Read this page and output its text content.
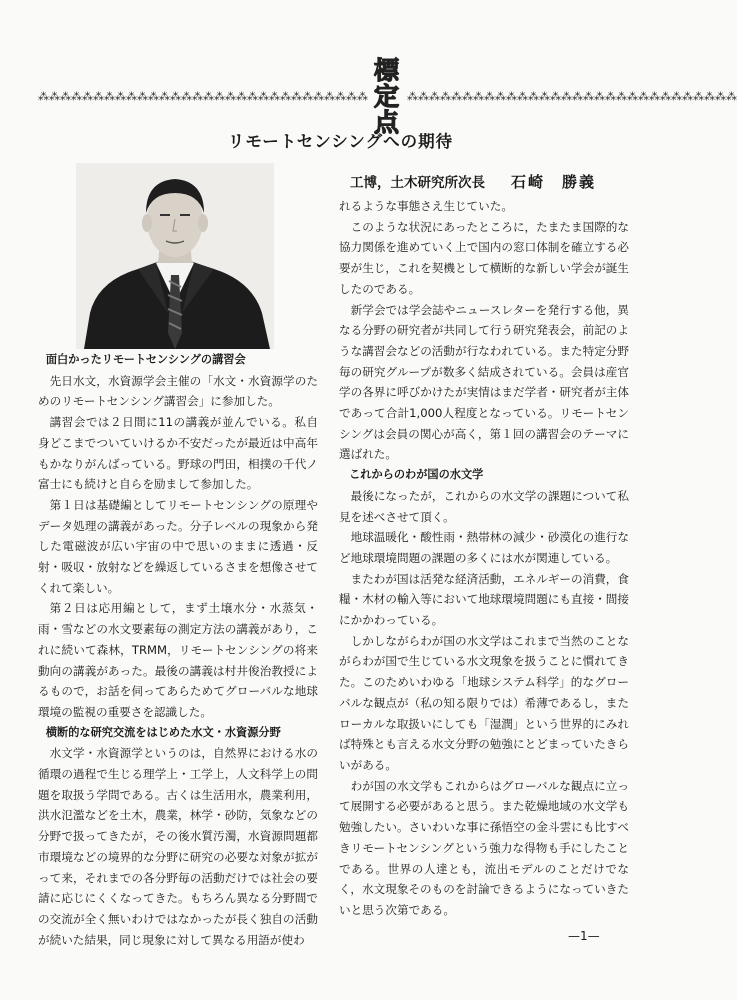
⁂⁂⁂⁂⁂⁂⁂⁂⁂⁂⁂⁂⁂⁂⁂⁂⁂⁂⁂⁂⁂⁂⁂⁂⁂⁂⁂⁂⁂⁂
標定点
⁂⁂⁂⁂⁂⁂⁂⁂⁂⁂⁂⁂⁂⁂⁂⁂⁂⁂⁂⁂⁂⁂⁂⁂⁂⁂⁂⁂⁂⁂
リモートセンシングへの期待
工博，土木研究所次長 石崎　勝義
面白かったリモートセンシングの講習会

先日水文，水資源学会主催の「水文・水資源学のためのリモートセンシング講習会」に参加した。

講習会では２日間に11の講義が並んでいる。私自身どこまでついていけるか不安だったが最近は中高年もかなりがんばっている。野球の門田，相撲の千代ノ富士にも続けと自らを励まして参加した。

第１日は基礎編としてリモートセンシングの原理やデータ処理の講義があった。分子レベルの現象から発した電磁波が広い宇宙の中で思いのままに透過・反射・吸収・放射などを繰返しているさまを想像させてくれて楽しい。

第２日は応用編として，まず土壌水分・水蒸気・雨・雪などの水文要素毎の測定方法の講義があり，これに続いて森林，TRMM，リモートセンシングの将来動向の講義があった。最後の講義は村井俊治教授によるもので，お話を伺ってあらためてグローバルな地球環境の監視の重要さを認識した。

横断的な研究交流をはじめた水文・水資源分野

水文学・水資源学というのは，自然界における水の循環の過程で生じる理学上・工学上，人文科学上の問題を取扱う学問である。古くは生活用水，農業利用，洪水氾濫などを土木，農業，林学・砂防，気象などの分野で扱ってきたが，その後水質汚濁，水資源問題都市環境などの境界的な分野に研究の必要な対象が拡がって来，それまでの各分野毎の活動だけでは社会の要請に応じにくくなってきた。もちろん異なる分野間での交流が全く無いわけではなかったが長く独自の活動が続いた結果，同じ現象に対して異なる用語が使わ

れるような事態さえ生じていた。

このような状況にあったところに，たまたま国際的な協力関係を進めていく上で国内の窓口体制を確立する必要が生じ，これを契機として横断的な新しい学会が誕生したのである。

新学会では学会誌やニュースレターを発行する他，異なる分野の研究者が共同して行う研究発表会，前記のような講習会などの活動が行なわれている。また特定分野毎の研究グループが数多く結成されている。会員は産官学の各界に呼びかけたが実情はまだ学者・研究者が主体であって合計1,000人程度となっている。リモートセンシングは会員の関心が高く，第１回の講習会のテーマに選ばれた。

これからのわが国の水文学

最後になったが，これからの水文学の課題について私見を述べさせて頂く。

地球温暖化・酸性雨・熱帯林の減少・砂漠化の進行など地球環境問題の課題の多くには水が関連している。

またわが国は活発な経済活動，エネルギーの消費，食糧・木材の輸入等において地球環境問題にも直接・間接にかかわっている。

しかしながらわが国の水文学はこれまで当然のことながらわが国で生じている水文現象を扱うことに慣れてきた。このためいわゆる「地球システム科学」的なグローバルな観点が（私の知る限りでは）希薄であるし，またローカルな取扱いにしても「湿潤」という世界的にみれば特殊とも言える水文分野の勉強にとどまっていたきらいがある。

わが国の水文学もこれからはグローバルな観点に立って展開する必要があると思う。また乾燥地域の水文学も勉強したい。さいわいな事に孫悟空の金斗雲にも比すべきリモートセンシングという強力な得物も手にしたことである。世界の人達とも，流出モデルのことだけでなく，水文現象そのものを討論できるようになっていきたいと思う次第である。

—1—
